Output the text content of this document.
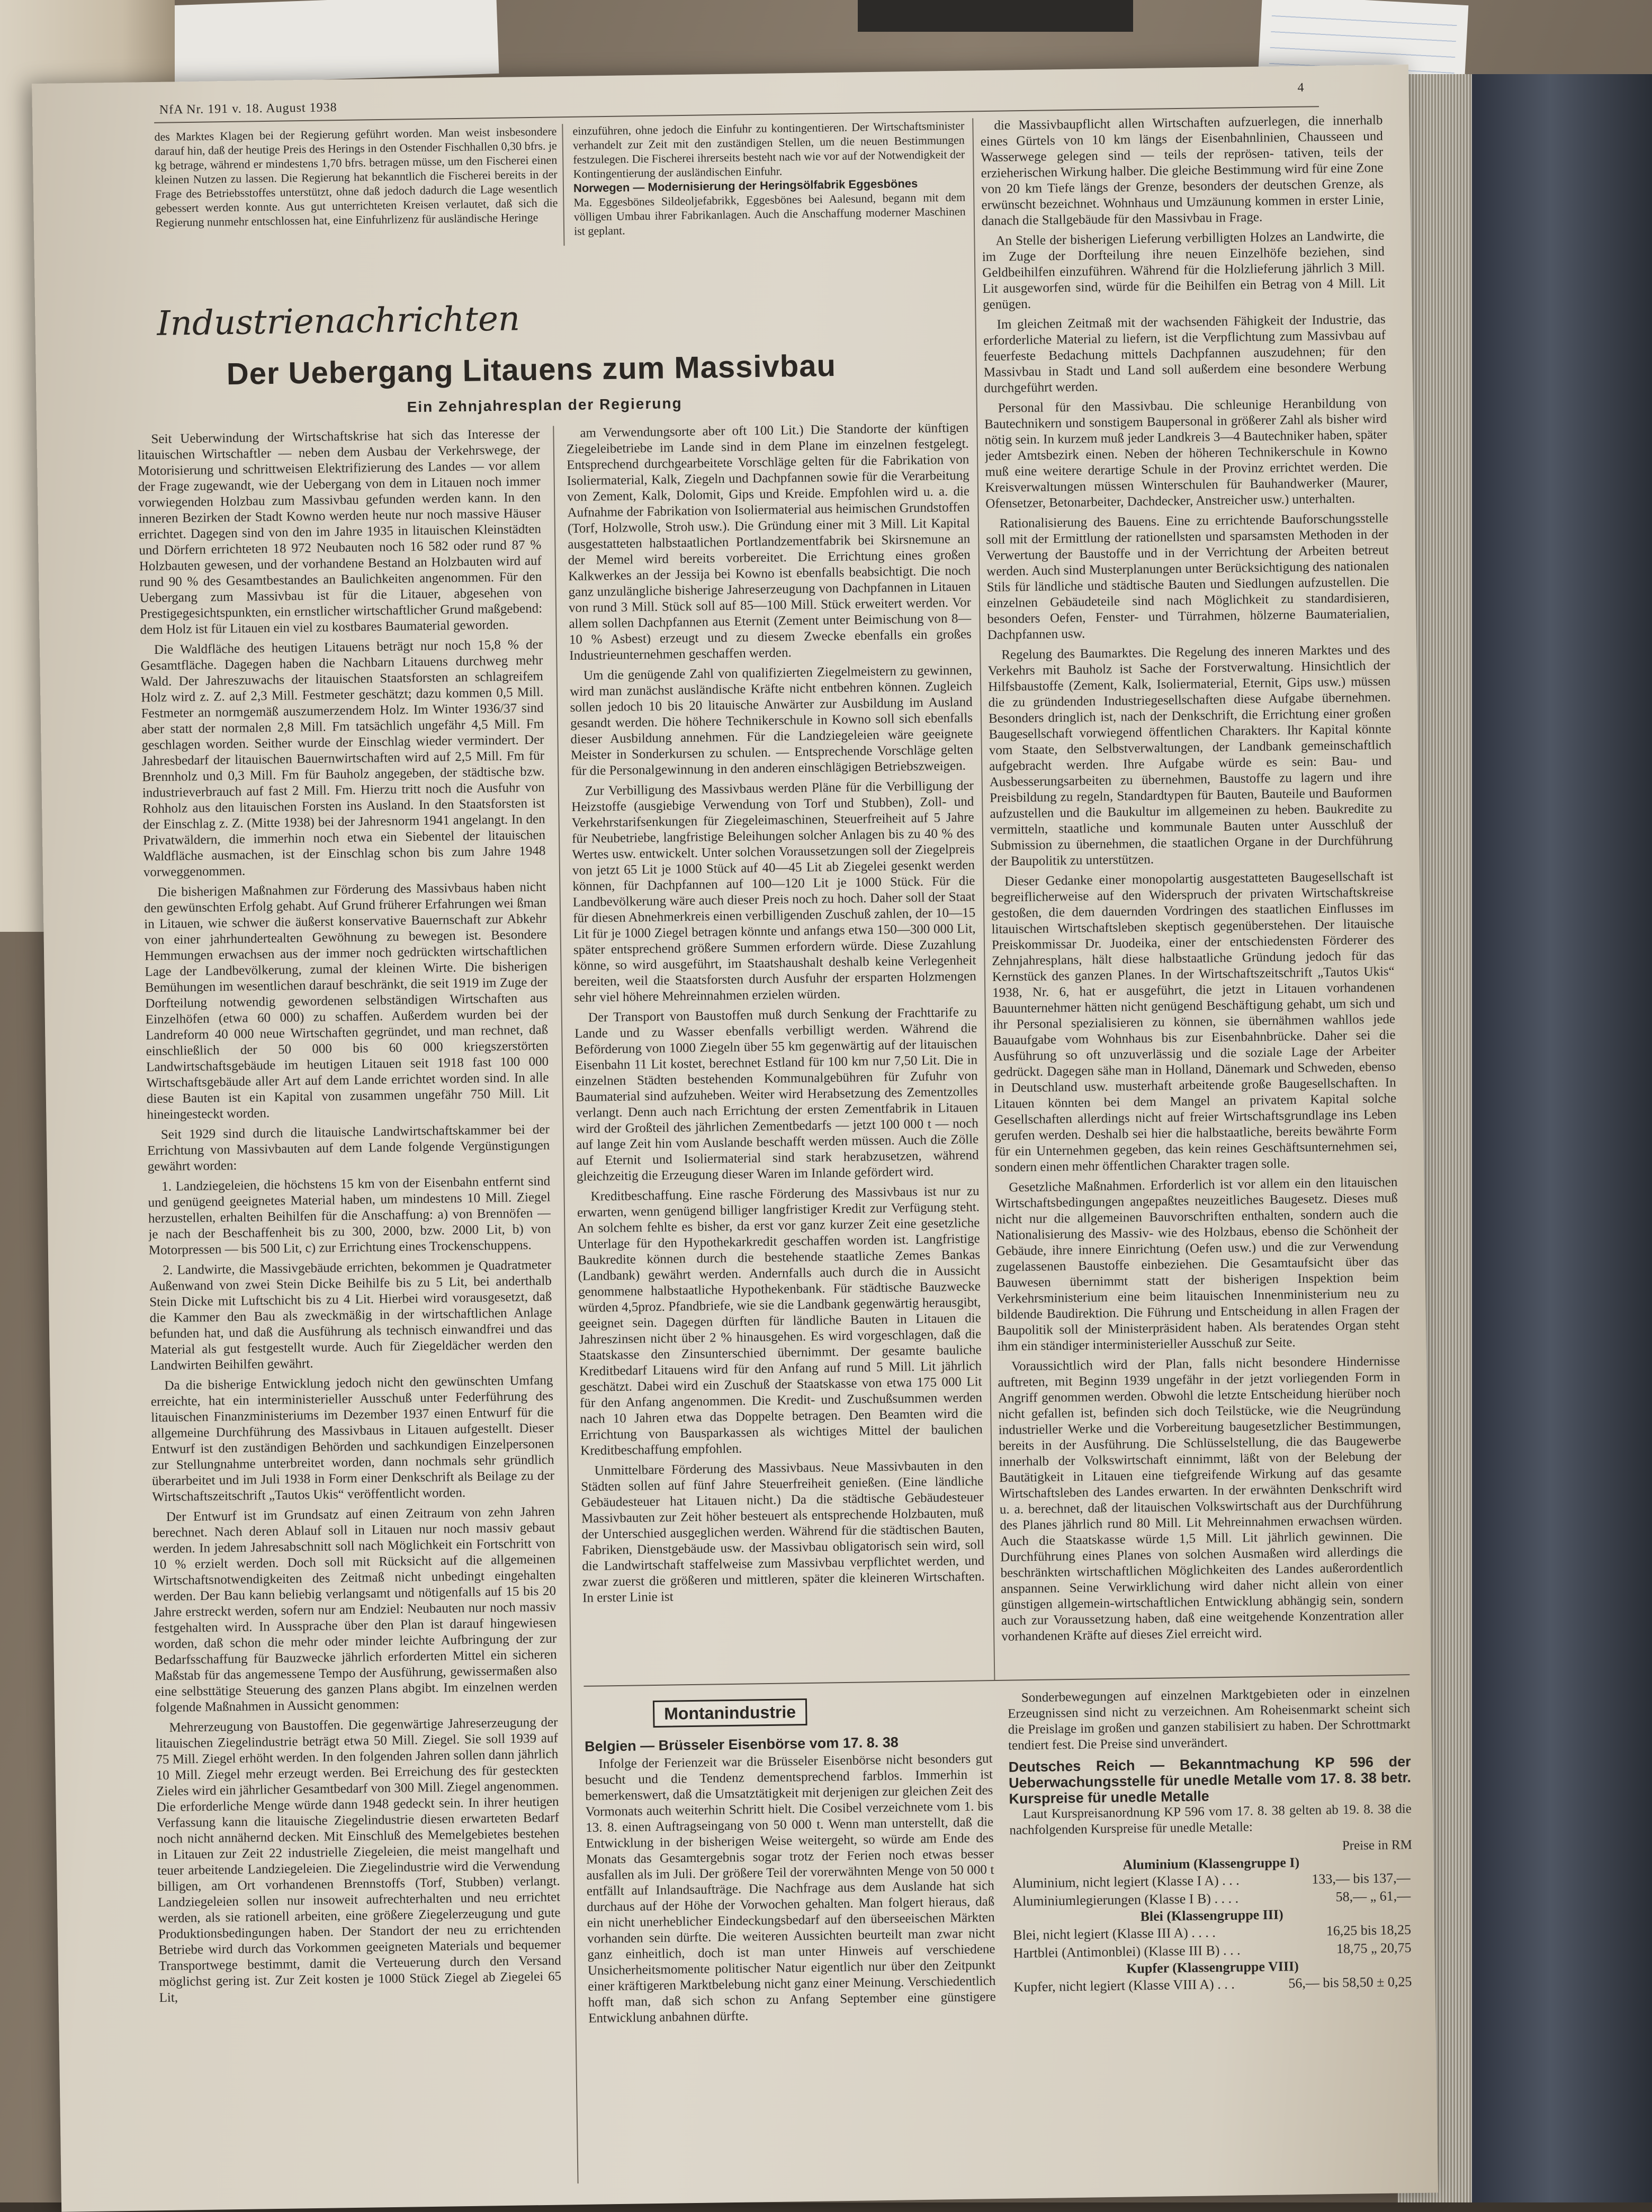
NfA Nr. 191 v. 18. August 1938
4
des Marktes Klagen bei der Regierung geführt worden. Man weist insbesondere darauf hin, daß der heutige Preis des Herings in den Ostender Fischhallen 0,30 bfrs. je kg betrage, während er mindestens 1,70 bfrs. betragen müsse, um den Fischerei einen kleinen Nutzen zu lassen. Die Regierung hat bekanntlich die Fischerei bereits in der Frage des Betriebsstoffes unterstützt, ohne daß jedoch dadurch die Lage wesentlich gebessert werden konnte. Aus gut unterrichteten Kreisen verlautet, daß sich die Regierung nunmehr entschlossen hat, eine Einfuhrlizenz für ausländische Heringe
einzuführen, ohne jedoch die Einfuhr zu kontingentieren. Der Wirtschaftsminister verhandelt zur Zeit mit den zuständigen Stellen, um die neuen Bestimmungen festzulegen. Die Fischerei ihrerseits besteht nach wie vor auf der Notwendigkeit der Kontingentierung der ausländischen Einfuhr.
Norwegen — Modernisierung der Heringsölfabrik Eggesbönes
Ma. Eggesbönes Sildeoljefabrikk, Eggesbönes bei Aalesund, begann mit dem völligen Umbau ihrer Fabrikanlagen. Auch die Anschaffung moderner Maschinen ist geplant.
Industrienachrichten
Der Uebergang Litauens zum Massivbau
Ein Zehnjahresplan der Regierung

Seit Ueberwindung der Wirtschaftskrise hat sich das Interesse der litauischen Wirtschaftler — neben dem Ausbau der Verkehrswege, der Motorisierung und schrittweisen Elektrifizierung des Landes — vor allem der Frage zugewandt, wie der Uebergang von dem in Litauen noch immer vorwiegenden Holzbau zum Massivbau gefunden werden kann. In den inneren Bezirken der Stadt Kowno werden heute nur noch massive Häuser errichtet. Dagegen sind von den im Jahre 1935 in litauischen Kleinstädten und Dörfern errichteten 18 972 Neubauten noch 16 582 oder rund 87 % Holzbauten gewesen, und der vorhandene Bestand an Holzbauten wird auf rund 90 % des Gesamtbestandes an Baulichkeiten angenommen. Für den Uebergang zum Massivbau ist für die Litauer, abgesehen von Prestigegesichtspunkten, ein ernstlicher wirtschaftlicher Grund maßgebend: dem Holz ist für Litauen ein viel zu kostbares Baumaterial geworden.

Die Waldfläche des heutigen Litauens beträgt nur noch 15,8 % der Gesamtfläche. Dagegen haben die Nachbarn Litauens durchweg mehr Wald. Der Jahreszuwachs der litauischen Staatsforsten an schlagreifem Holz wird z. Z. auf 2,3 Mill. Festmeter geschätzt; dazu kommen 0,5 Mill. Festmeter an normgemäß auszumerzendem Holz. Im Winter 1936/37 sind aber statt der normalen 2,8 Mill. Fm tatsächlich ungefähr 4,5 Mill. Fm geschlagen worden. Seither wurde der Einschlag wieder vermindert. Der Jahresbedarf der litauischen Bauernwirtschaften wird auf 2,5 Mill. Fm für Brennholz und 0,3 Mill. Fm für Bauholz angegeben, der städtische bzw. industrieverbrauch auf fast 2 Mill. Fm. Hierzu tritt noch die Ausfuhr von Rohholz aus den litauischen Forsten ins Ausland. In den Staatsforsten ist der Einschlag z. Z. (Mitte 1938) bei der Jahresnorm 1941 angelangt. In den Privatwäldern, die immerhin noch etwa ein Siebentel der litauischen Waldfläche ausmachen, ist der Einschlag schon bis zum Jahre 1948 vorweggenommen.

Die bisherigen Maßnahmen zur Förderung des Massivbaus haben nicht den gewünschten Erfolg gehabt. Auf Grund früherer Erfahrungen wei ßman in Litauen, wie schwer die äußerst konservative Bauernschaft zur Abkehr von einer jahrhundertealten Gewöhnung zu bewegen ist. Besondere Hemmungen erwachsen aus der immer noch gedrückten wirtschaftlichen Lage der Landbevölkerung, zumal der kleinen Wirte. Die bisherigen Bemühungen im wesentlichen darauf beschränkt, die seit 1919 im Zuge der Dorfteilung notwendig gewordenen selbständigen Wirtschaften aus Einzelhöfen (etwa 60 000) zu schaffen. Außerdem wurden bei der Landreform 40 000 neue Wirtschaften gegründet, und man rechnet, daß einschließlich der 50 000 bis 60 000 kriegszerstörten Landwirtschaftsgebäude im heutigen Litauen seit 1918 fast 100 000 Wirtschaftsgebäude aller Art auf dem Lande errichtet worden sind. In alle diese Bauten ist ein Kapital von zusammen ungefähr 750 Mill. Lit hineingesteckt worden.

Seit 1929 sind durch die litauische Landwirtschaftskammer bei der Errichtung von Massivbauten auf dem Lande folgende Vergünstigungen gewährt worden:

1. Landziegeleien, die höchstens 15 km von der Eisenbahn entfernt sind und genügend geeignetes Material haben, um mindestens 10 Mill. Ziegel herzustellen, erhalten Beihilfen für die Anschaffung: a) von Brennöfen — je nach der Beschaffenheit bis zu 300, 2000, bzw. 2000 Lit, b) von Motorpressen — bis 500 Lit, c) zur Errichtung eines Trockenschuppens.

2. Landwirte, die Massivgebäude errichten, bekommen je Quadratmeter Außenwand von zwei Stein Dicke Beihilfe bis zu 5 Lit, bei anderthalb Stein Dicke mit Luftschicht bis zu 4 Lit. Hierbei wird vorausgesetzt, daß die Kammer den Bau als zweckmäßig in der wirtschaftlichen Anlage befunden hat, und daß die Ausführung als technisch einwandfrei und das Material als gut festgestellt wurde. Auch für Ziegeldächer werden den Landwirten Beihilfen gewährt.

Da die bisherige Entwicklung jedoch nicht den gewünschten Umfang erreichte, hat ein interministerieller Ausschuß unter Federführung des litauischen Finanzministeriums im Dezember 1937 einen Entwurf für die allgemeine Durchführung des Massivbaus in Litauen aufgestellt. Dieser Entwurf ist den zuständigen Behörden und sachkundigen Einzelpersonen zur Stellungnahme unterbreitet worden, dann nochmals sehr gründlich überarbeitet und im Juli 1938 in Form einer Denkschrift als Beilage zu der Wirtschaftszeitschrift „Tautos Ukis“ veröffentlicht worden.

Der Entwurf ist im Grundsatz auf einen Zeitraum von zehn Jahren berechnet. Nach deren Ablauf soll in Litauen nur noch massiv gebaut werden. In jedem Jahresabschnitt soll nach Möglichkeit ein Fortschritt von 10 % erzielt werden. Doch soll mit Rücksicht auf die allgemeinen Wirtschaftsnotwendigkeiten des Zeitmaß nicht unbedingt eingehalten werden. Der Bau kann beliebig verlangsamt und nötigenfalls auf 15 bis 20 Jahre erstreckt werden, sofern nur am Endziel: Neubauten nur noch massiv festgehalten wird. In Aussprache über den Plan ist darauf hingewiesen worden, daß schon die mehr oder minder leichte Aufbringung der zur Bedarfsschaffung für Bauzwecke jährlich erforderten Mittel ein sicheren Maßstab für das angemessene Tempo der Ausführung, gewissermaßen also eine selbsttätige Steuerung des ganzen Plans abgibt. Im einzelnen werden folgende Maßnahmen in Aussicht genommen:

Mehrerzeugung von Baustoffen. Die gegenwärtige Jahreserzeugung der litauischen Ziegelindustrie beträgt etwa 50 Mill. Ziegel. Sie soll 1939 auf 75 Mill. Ziegel erhöht werden. In den folgenden Jahren sollen dann jährlich 10 Mill. Ziegel mehr erzeugt werden. Bei Erreichung des für gesteckten Zieles wird ein jährlicher Gesamtbedarf von 300 Mill. Ziegel angenommen. Die erforderliche Menge würde dann 1948 gedeckt sein. In ihrer heutigen Verfassung kann die litauische Ziegelindustrie diesen erwarteten Bedarf noch nicht annähernd decken. Mit Einschluß des Memelgebietes bestehen in Litauen zur Zeit 22 industrielle Ziegeleien, die meist mangelhaft und teuer arbeitende Landziegeleien. Die Ziegelindustrie wird die Verwendung billigen, am Ort vorhandenen Brennstoffs (Torf, Stubben) verlangt. Landziegeleien sollen nur insoweit aufrechterhalten und neu errichtet werden, als sie rationell arbeiten, eine größere Ziegelerzeugung und gute Produktionsbedingungen haben. Der Standort der neu zu errichtenden Betriebe wird durch das Vorkommen geeigneten Materials und bequemer Transportwege bestimmt, damit die Verteuerung durch den Versand möglichst gering ist. Zur Zeit kosten je 1000 Stück Ziegel ab Ziegelei 65 Lit,

am Verwendungsorte aber oft 100 Lit.) Die Standorte der künftigen Ziegeleibetriebe im Lande sind in dem Plane im einzelnen festgelegt. Entsprechend durchgearbeitete Vorschläge gelten für die Fabrikation von Isoliermaterial, Kalk, Ziegeln und Dachpfannen sowie für die Verarbeitung von Zement, Kalk, Dolomit, Gips und Kreide. Empfohlen wird u. a. die Aufnahme der Fabrikation von Isoliermaterial aus heimischen Grundstoffen (Torf, Holzwolle, Stroh usw.). Die Gründung einer mit 3 Mill. Lit Kapital ausgestatteten halbstaatlichen Portlandzementfabrik bei Skirsnemune an der Memel wird bereits vorbereitet. Die Errichtung eines großen Kalkwerkes an der Jessija bei Kowno ist ebenfalls beabsichtigt. Die noch ganz unzulängliche bisherige Jahreserzeugung von Dachpfannen in Litauen von rund 3 Mill. Stück soll auf 85—100 Mill. Stück erweitert werden. Vor allem sollen Dachpfannen aus Eternit (Zement unter Beimischung von 8—10 % Asbest) erzeugt und zu diesem Zwecke ebenfalls ein großes Industrieunternehmen geschaffen werden.

Um die genügende Zahl von qualifizierten Ziegelmeistern zu gewinnen, wird man zunächst ausländische Kräfte nicht entbehren können. Zugleich sollen jedoch 10 bis 20 litauische Anwärter zur Ausbildung im Ausland gesandt werden. Die höhere Technikerschule in Kowno soll sich ebenfalls dieser Ausbildung annehmen. Für die Landziegeleien wäre geeignete Meister in Sonderkursen zu schulen. — Entsprechende Vorschläge gelten für die Personalgewinnung in den anderen einschlägigen Betriebszweigen.

Zur Verbilligung des Massivbaus werden Pläne für die Verbilligung der Heizstoffe (ausgiebige Verwendung von Torf und Stubben), Zoll- und Verkehrstarifsenkungen für Ziegeleimaschinen, Steuerfreiheit auf 5 Jahre für Neubetriebe, langfristige Beleihungen solcher Anlagen bis zu 40 % des Wertes usw. entwickelt. Unter solchen Voraussetzungen soll der Ziegelpreis von jetzt 65 Lit je 1000 Stück auf 40—45 Lit ab Ziegelei gesenkt werden können, für Dachpfannen auf 100—120 Lit je 1000 Stück. Für die Landbevölkerung wäre auch dieser Preis noch zu hoch. Daher soll der Staat für diesen Abnehmerkreis einen verbilligenden Zuschuß zahlen, der 10—15 Lit für je 1000 Ziegel betragen könnte und anfangs etwa 150—300 000 Lit, später entsprechend größere Summen erfordern würde. Diese Zuzahlung könne, so wird ausgeführt, im Staatshaushalt deshalb keine Verlegenheit bereiten, weil die Staatsforsten durch Ausfuhr der ersparten Holzmengen sehr viel höhere Mehreinnahmen erzielen würden.

Der Transport von Baustoffen muß durch Senkung der Frachttarife zu Lande und zu Wasser ebenfalls verbilligt werden. Während die Beförderung von 1000 Ziegeln über 55 km gegenwärtig auf der litauischen Eisenbahn 11 Lit kostet, berechnet Estland für 100 km nur 7,50 Lit. Die in einzelnen Städten bestehenden Kommunalgebühren für Zufuhr von Baumaterial sind aufzuheben. Weiter wird Herabsetzung des Zementzolles verlangt. Denn auch nach Errichtung der ersten Zementfabrik in Litauen wird der Großteil des jährlichen Zementbedarfs — jetzt 100 000 t — noch auf lange Zeit hin vom Auslande beschafft werden müssen. Auch die Zölle auf Eternit und Isoliermaterial sind stark herabzusetzen, während gleichzeitig die Erzeugung dieser Waren im Inlande gefördert wird.

Kreditbeschaffung. Eine rasche Förderung des Massivbaus ist nur zu erwarten, wenn genügend billiger langfristiger Kredit zur Verfügung steht. An solchem fehlte es bisher, da erst vor ganz kurzer Zeit eine gesetzliche Unterlage für den Hypothekarkredit geschaffen worden ist. Langfristige Baukredite können durch die bestehende staatliche Zemes Bankas (Landbank) gewährt werden. Andernfalls auch durch die in Aussicht genommene halbstaatliche Hypothekenbank. Für städtische Bauzwecke würden 4,5proz. Pfandbriefe, wie sie die Landbank gegenwärtig herausgibt, geeignet sein. Dagegen dürften für ländliche Bauten in Litauen die Jahreszinsen nicht über 2 % hinausgehen. Es wird vorgeschlagen, daß die Staatskasse den Zinsunterschied übernimmt. Der gesamte bauliche Kreditbedarf Litauens wird für den Anfang auf rund 5 Mill. Lit jährlich geschätzt. Dabei wird ein Zuschuß der Staatskasse von etwa 175 000 Lit für den Anfang angenommen. Die Kredit- und Zuschußsummen werden nach 10 Jahren etwa das Doppelte betragen. Den Beamten wird die Errichtung von Bausparkassen als wichtiges Mittel der baulichen Kreditbeschaffung empfohlen.

Unmittelbare Förderung des Massivbaus. Neue Massivbauten in den Städten sollen auf fünf Jahre Steuerfreiheit genießen. (Eine ländliche Gebäudesteuer hat Litauen nicht.) Da die städtische Gebäudesteuer Massivbauten zur Zeit höher besteuert als entsprechende Holzbauten, muß der Unterschied ausgeglichen werden. Während für die städtischen Bauten, Fabriken, Dienstgebäude usw. der Massivbau obligatorisch sein wird, soll die Landwirtschaft staffelweise zum Massivbau verpflichtet werden, und zwar zuerst die größeren und mittleren, später die kleineren Wirtschaften. In erster Linie ist

die Massivbaupflicht allen Wirtschaften aufzuerlegen, die innerhalb eines Gürtels von 10 km längs der Eisenbahnlinien, Chausseen und Wasserwege gelegen sind — teils der reprösen- tativen, teils der erzieherischen Wirkung halber. Die gleiche Bestimmung wird für eine Zone von 20 km Tiefe längs der Grenze, besonders der deutschen Grenze, als erwünscht bezeichnet. Wohnhaus und Umzäunung kommen in erster Linie, danach die Stallgebäude für den Massivbau in Frage.

An Stelle der bisherigen Lieferung verbilligten Holzes an Landwirte, die im Zuge der Dorfteilung ihre neuen Einzelhöfe beziehen, sind Geldbeihilfen einzuführen. Während für die Holzlieferung jährlich 3 Mill. Lit ausgeworfen sind, würde für die Beihilfen ein Betrag von 4 Mill. Lit genügen.

Im gleichen Zeitmaß mit der wachsenden Fähigkeit der Industrie, das erforderliche Material zu liefern, ist die Verpflichtung zum Massivbau auf feuerfeste Bedachung mittels Dachpfannen auszudehnen; für den Massivbau in Stadt und Land soll außerdem eine besondere Werbung durchgeführt werden.

Personal für den Massivbau. Die schleunige Heranbildung von Bautechnikern und sonstigem Baupersonal in größerer Zahl als bisher wird nötig sein. In kurzem muß jeder Landkreis 3—4 Bautechniker haben, später jeder Amtsbezirk einen. Neben der höheren Technikerschule in Kowno muß eine weitere derartige Schule in der Provinz errichtet werden. Die Kreisverwaltungen müssen Winterschulen für Bauhandwerker (Maurer, Ofensetzer, Betonarbeiter, Dachdecker, Anstreicher usw.) unterhalten.

Rationalisierung des Bauens. Eine zu errichtende Bauforschungsstelle soll mit der Ermittlung der rationellsten und sparsamsten Methoden in der Verwertung der Baustoffe und in der Verrichtung der Arbeiten betreut werden. Auch sind Musterplanungen unter Berücksichtigung des nationalen Stils für ländliche und städtische Bauten und Siedlungen aufzustellen. Die einzelnen Gebäudeteile sind nach Möglichkeit zu standardisieren, besonders Oefen, Fenster- und Türrahmen, hölzerne Baumaterialien, Dachpfannen usw.

Regelung des Baumarktes. Die Regelung des inneren Marktes und des Verkehrs mit Bauholz ist Sache der Forstverwaltung. Hinsichtlich der Hilfsbaustoffe (Zement, Kalk, Isoliermaterial, Eternit, Gips usw.) müssen die zu gründenden Industriegesellschaften diese Aufgabe übernehmen. Besonders dringlich ist, nach der Denkschrift, die Errichtung einer großen Baugesellschaft vorwiegend öffentlichen Charakters. Ihr Kapital könnte vom Staate, den Selbstverwaltungen, der Landbank gemeinschaftlich aufgebracht werden. Ihre Aufgabe würde es sein: Bau- und Ausbesserungsarbeiten zu übernehmen, Baustoffe zu lagern und ihre Preisbildung zu regeln, Standardtypen für Bauten, Bauteile und Bauformen aufzustellen und die Baukultur im allgemeinen zu heben. Baukredite zu vermitteln, staatliche und kommunale Bauten unter Ausschluß der Submission zu übernehmen, die staatlichen Organe in der Durchführung der Baupolitik zu unterstützen.

Dieser Gedanke einer monopolartig ausgestatteten Baugesellschaft ist begreiflicherweise auf den Widerspruch der privaten Wirtschaftskreise gestoßen, die dem dauernden Vordringen des staatlichen Einflusses im litauischen Wirtschaftsleben skeptisch gegenüberstehen. Der litauische Preiskommissar Dr. Juodeika, einer der entschiedensten Förderer des Zehnjahresplans, hält diese halbstaatliche Gründung jedoch für das Kernstück des ganzen Planes. In der Wirtschaftszeitschrift „Tautos Ukis“ 1938, Nr. 6, hat er ausgeführt, die jetzt in Litauen vorhandenen Bauunternehmer hätten nicht genügend Beschäftigung gehabt, um sich und ihr Personal spezialisieren zu können, sie übernähmen wahllos jede Bauaufgabe vom Wohnhaus bis zur Eisenbahnbrücke. Daher sei die Ausführung so oft unzuverlässig und die soziale Lage der Arbeiter gedrückt. Dagegen sähe man in Holland, Dänemark und Schweden, ebenso in Deutschland usw. musterhaft arbeitende große Baugesellschaften. In Litauen könnten bei dem Mangel an privatem Kapital solche Gesellschaften allerdings nicht auf freier Wirtschaftsgrundlage ins Leben gerufen werden. Deshalb sei hier die halbstaatliche, bereits bewährte Form für ein Unternehmen gegeben, das kein reines Geschäftsunternehmen sei, sondern einen mehr öffentlichen Charakter tragen solle.

Gesetzliche Maßnahmen. Erforderlich ist vor allem ein den litauischen Wirtschaftsbedingungen angepaßtes neuzeitliches Baugesetz. Dieses muß nicht nur die allgemeinen Bauvorschriften enthalten, sondern auch die Nationalisierung des Massiv- wie des Holzbaus, ebenso die Schönheit der Gebäude, ihre innere Einrichtung (Oefen usw.) und die zur Verwendung zugelassenen Baustoffe einbeziehen. Die Gesamtaufsicht über das Bauwesen übernimmt statt der bisherigen Inspektion beim Verkehrsministerium eine beim litauischen Innenministerium neu zu bildende Baudirektion. Die Führung und Entscheidung in allen Fragen der Baupolitik soll der Ministerpräsident haben. Als beratendes Organ steht ihm ein ständiger interministerieller Ausschuß zur Seite.

Voraussichtlich wird der Plan, falls nicht besondere Hindernisse auftreten, mit Beginn 1939 ungefähr in der jetzt vorliegenden Form in Angriff genommen werden. Obwohl die letzte Entscheidung hierüber noch nicht gefallen ist, befinden sich doch Teilstücke, wie die Neugründung industrieller Werke und die Vorbereitung baugesetzlicher Bestimmungen, bereits in der Ausführung. Die Schlüsselstellung, die das Baugewerbe innerhalb der Volkswirtschaft einnimmt, läßt von der Belebung der Bautätigkeit in Litauen eine tiefgreifende Wirkung auf das gesamte Wirtschaftsleben des Landes erwarten. In der erwähnten Denkschrift wird u. a. berechnet, daß der litauischen Volkswirtschaft aus der Durchführung des Planes jährlich rund 80 Mill. Lit Mehreinnahmen erwachsen würden. Auch die Staatskasse würde 1,5 Mill. Lit jährlich gewinnen. Die Durchführung eines Planes von solchen Ausmaßen wird allerdings die beschränkten wirtschaftlichen Möglichkeiten des Landes außerordentlich anspannen. Seine Verwirklichung wird daher nicht allein von einer günstigen allgemein-wirtschaftlichen Entwicklung abhängig sein, sondern auch zur Voraussetzung haben, daß eine weitgehende Konzentration aller vorhandenen Kräfte auf dieses Ziel erreicht wird.

Montanindustrie
Belgien — Brüsseler Eisenbörse vom 17. 8. 38

Infolge der Ferienzeit war die Brüsseler Eisenbörse nicht besonders gut besucht und die Tendenz dementsprechend farblos. Immerhin ist bemerkenswert, daß die Umsatztätigkeit mit derjenigen zur gleichen Zeit des Vormonats auch weiterhin Schritt hielt. Die Cosibel verzeichnete vom 1. bis 13. 8. einen Auftragseingang von 50 000 t. Wenn man unterstellt, daß die Entwicklung in der bisherigen Weise weitergeht, so würde am Ende des Monats das Gesamtergebnis sogar trotz der Ferien noch etwas besser ausfallen als im Juli. Der größere Teil der vorerwähnten Menge von 50 000 t entfällt auf Inlandsaufträge. Die Nachfrage aus dem Auslande hat sich durchaus auf der Höhe der Vorwochen gehalten. Man folgert hieraus, daß ein nicht unerheblicher Eindeckungsbedarf auf den überseeischen Märkten vorhanden sein dürfte. Die weiteren Aussichten beurteilt man zwar nicht ganz einheitlich, doch ist man unter Hinweis auf verschiedene Unsicherheitsmomente politischer Natur eigentlich nur über den Zeitpunkt einer kräftigeren Marktbelebung nicht ganz einer Meinung. Verschiedentlich hofft man, daß sich schon zu Anfang September eine günstigere Entwicklung anbahnen dürfte.

Sonderbewegungen auf einzelnen Marktgebieten oder in einzelnen Erzeugnissen sind nicht zu verzeichnen. Am Roheisenmarkt scheint sich die Preislage im großen und ganzen stabilisiert zu haben. Der Schrottmarkt tendiert fest. Die Preise sind unverändert.

Deutsches Reich — Bekanntmachung KP 596 der Ueberwachungsstelle für unedle Metalle vom 17. 8. 38 betr. Kurspreise für unedle Metalle

Laut Kurspreisanordnung KP 596 vom 17. 8. 38 gelten ab 19. 8. 38 die nachfolgenden Kurspreise für unedle Metalle:

Preise in RM
Aluminium (Klassengruppe I)
Aluminium, nicht legiert (Klasse I A) . . .	133,— bis 137,—
Aluminiumlegierungen (Klasse I B) . . . .	58,— „ 61,—
Blei (Klassengruppe III)
Blei, nicht legiert (Klasse III A) . . . .	16,25 bis 18,25
Hartblei (Antimonblei) (Klasse III B) . . .	18,75 „ 20,75
Kupfer (Klassengruppe VIII)
Kupfer, nicht legiert (Klasse VIII A) . . .	56,— bis 58,50 ± 0,25
